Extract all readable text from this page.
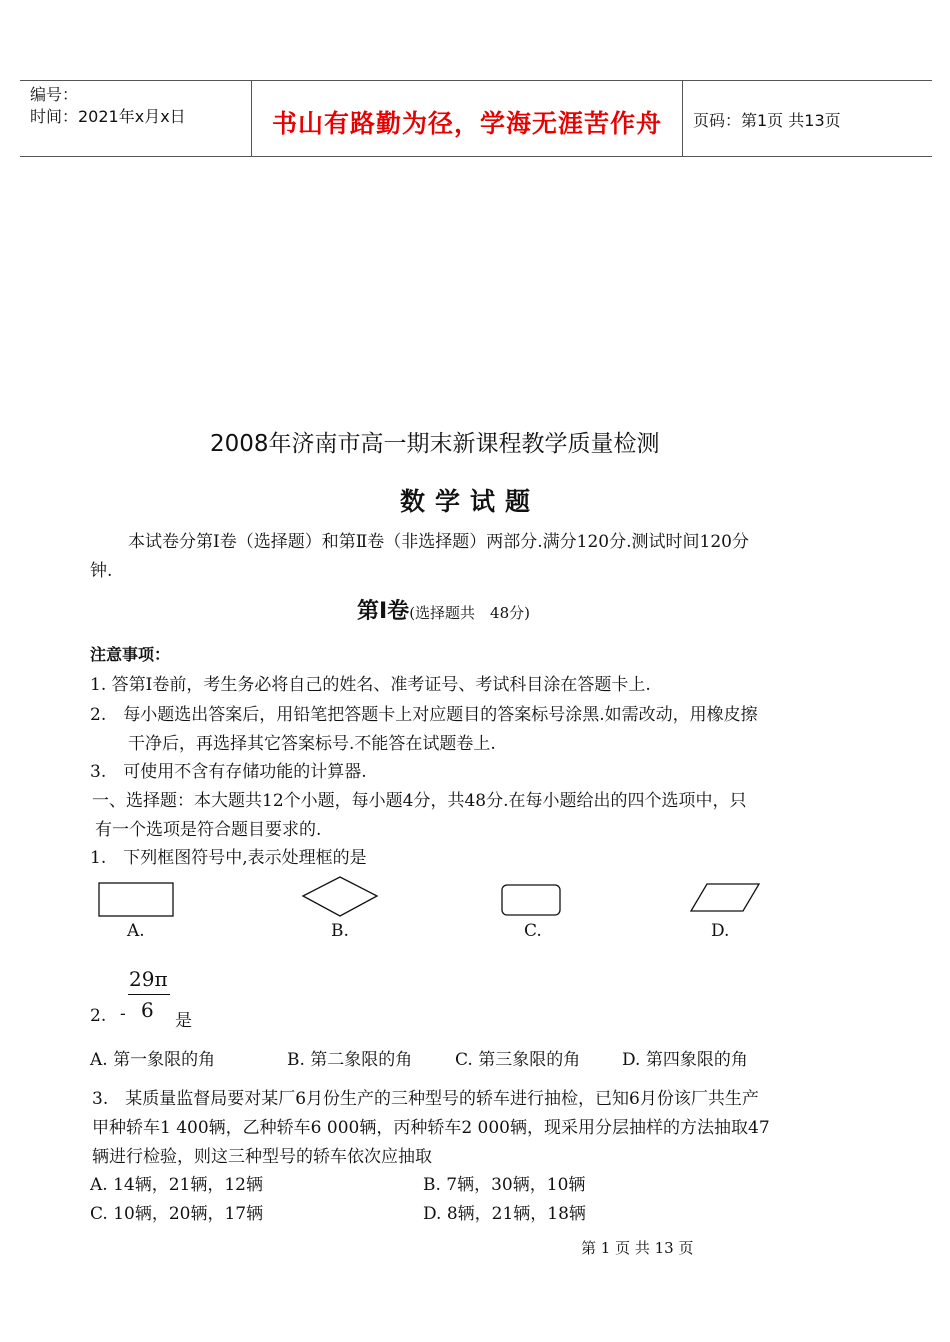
编号：
时间：2021年x月x日	书山有路勤为径，学海无涯苦作舟 页码：第1页 共13页
2008年济南市高一期末新课程教学质量检测
数学试题
本试卷分第Ⅰ卷（选择题）和第Ⅱ卷（非选择题）两部分.满分120分.测试时间120分
钟.
第Ⅰ卷(选择题共　48分)
注意事项：
1. 答第Ⅰ卷前，考生务必将自己的姓名、准考证号、考试科目涂在答题卡上.
2.　每小题选出答案后，用铅笔把答题卡上对应题目的答案标号涂黑.如需改动，用橡皮擦
干净后，再选择其它答案标号.不能答在试题卷上.
3.　可使用不含有存储功能的计算器.
一、选择题：本大题共12个小题，每小题4分，共48分.在每小题给出的四个选项中，只
有一个选项是符合题目要求的.
1.　下列框图符号中,表示处理框的是
A.	B.	C.	D.
2. -
29π
6 是
A. 第一象限的角	B. 第二象限的角	C. 第三象限的角 D. 第四象限的角
3.　某质量监督局要对某厂6月份生产的三种型号的轿车进行抽检，已知6月份该厂共生产
甲种轿车1 400辆，乙种轿车6 000辆，丙种轿车2 000辆，现采用分层抽样的方法抽取47
辆进行检验，则这三种型号的轿车依次应抽取
A. 14辆，21辆，12辆	B. 7辆，30辆，10辆
C. 10辆，20辆，17辆	D. 8辆，21辆，18辆
第 1 页 共 13 页
